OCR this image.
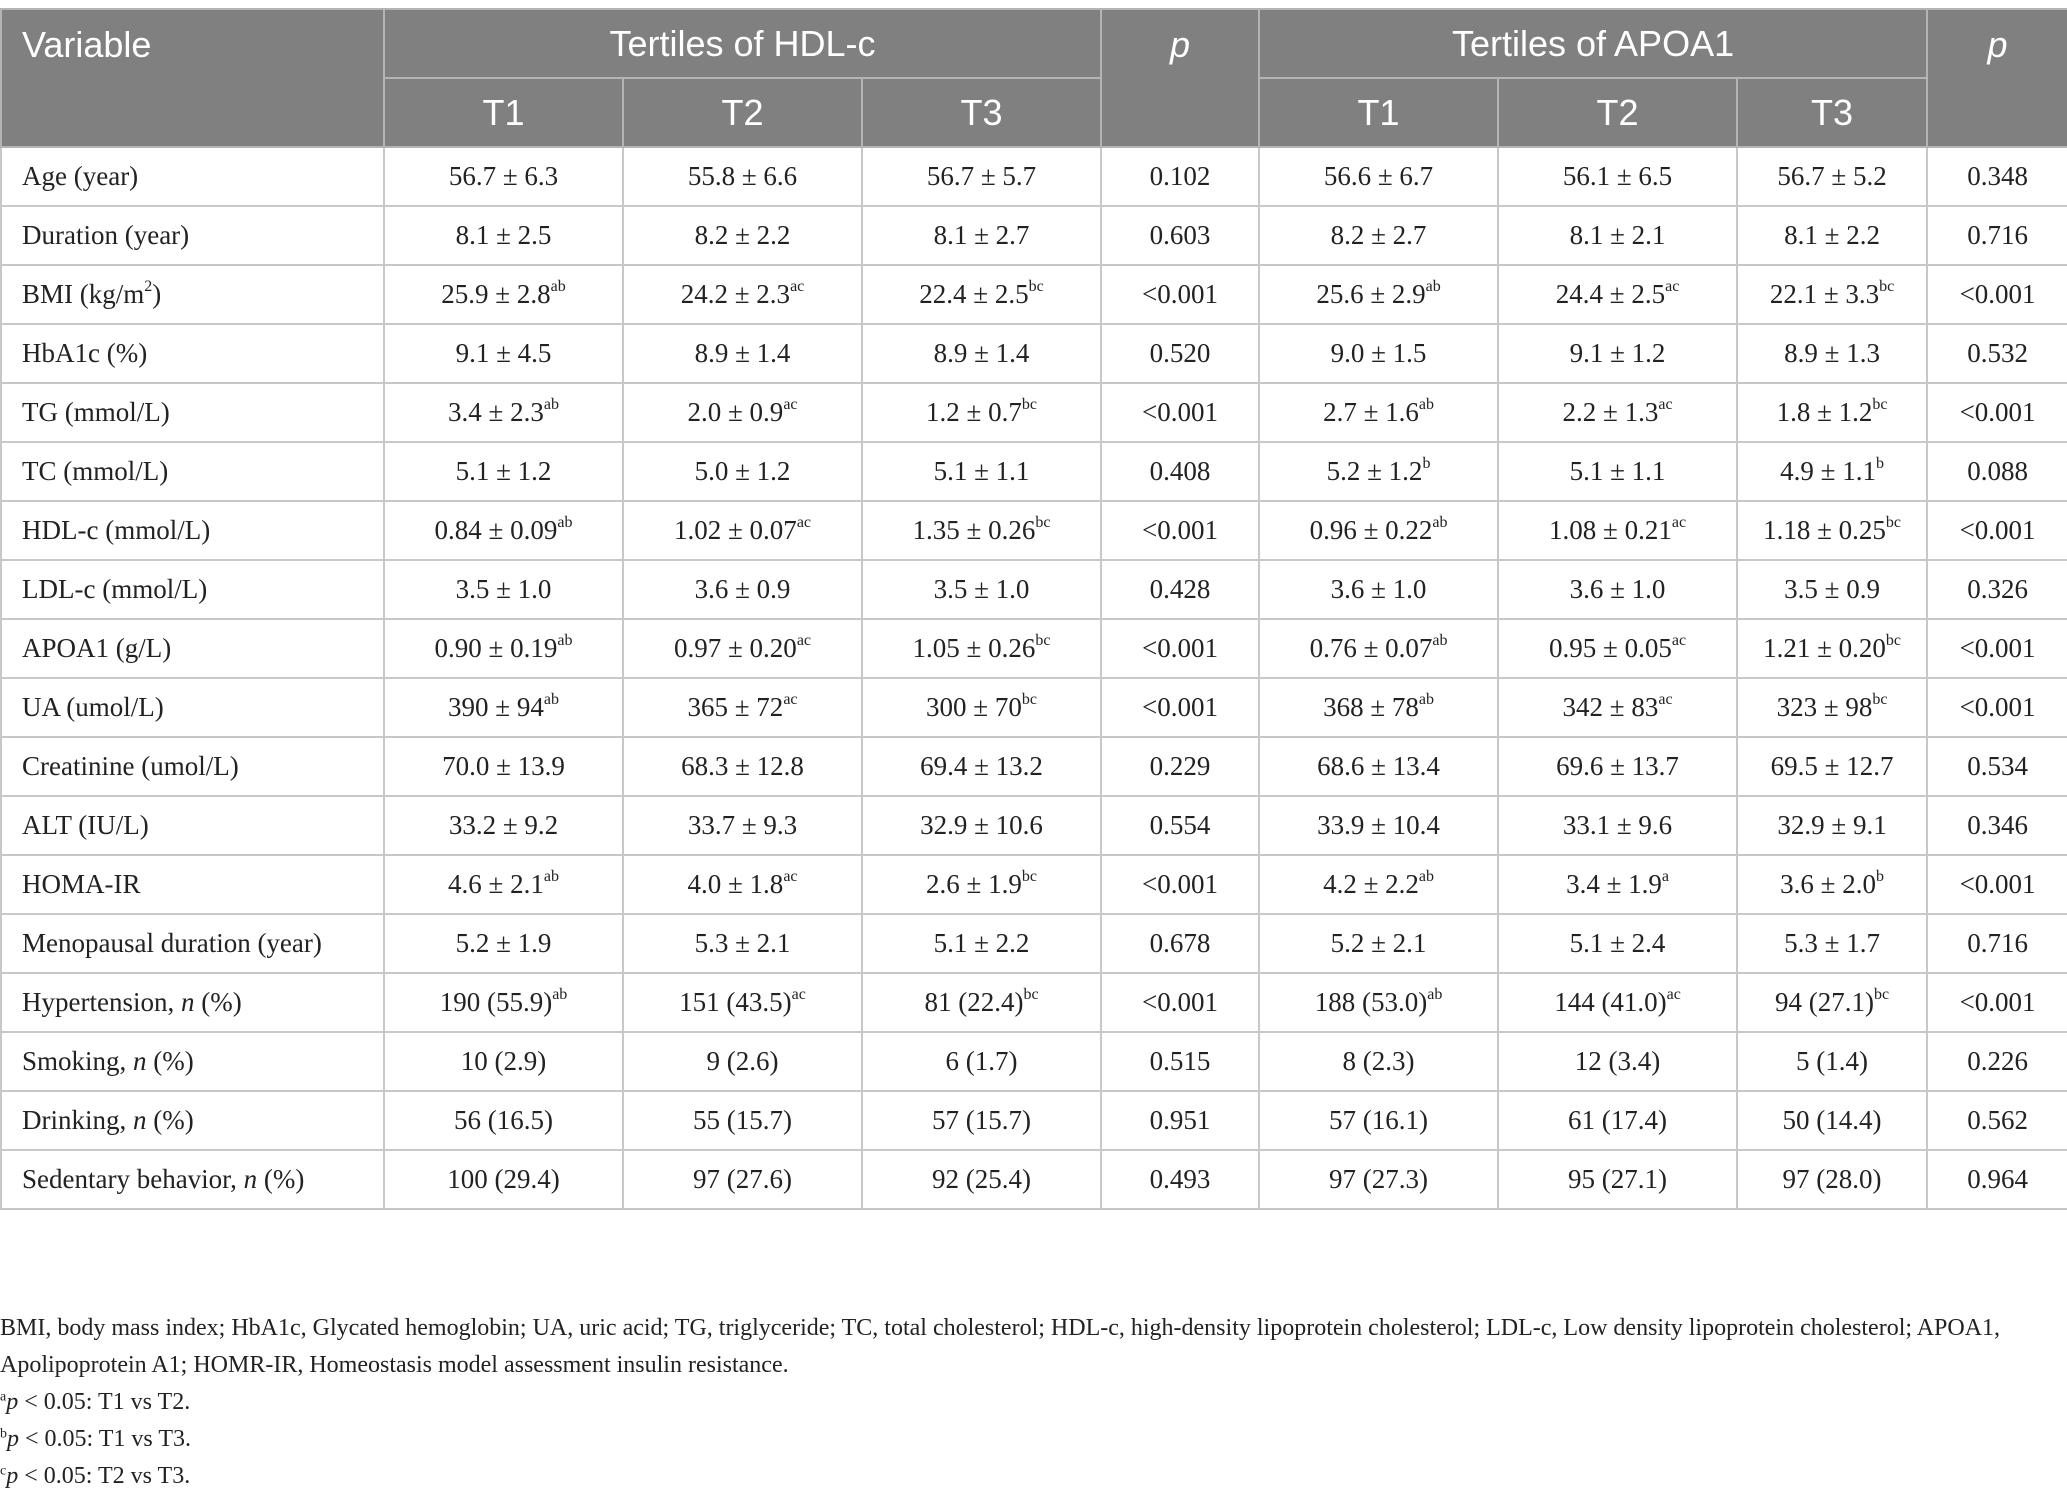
Variable	Tertiles of HDL-c			p	Tertiles of APOA1			p
	T1	T2	T3		T1	T2	T3	
Age (year)	56.7 ± 6.3	55.8 ± 6.6	56.7 ± 5.7	0.102	56.6 ± 6.7	56.1 ± 6.5	56.7 ± 5.2	0.348
Duration (year)	8.1 ± 2.5	8.2 ± 2.2	8.1 ± 2.7	0.603	8.2 ± 2.7	8.1 ± 2.1	8.1 ± 2.2	0.716
BMI $(kg/m^2)$	25.9 ± 2.8$^{ab}$	24.2 ± 2.3$^{ac}$	22.4 ± 2.5$^{bc}$	<0.001	25.6 ± 2.9$^{ab}$	24.4 ± 2.5$^{ac}$	22.1 ± 3.3$^{bc}$	<0.001
HbA1c (%)	9.1 ± 4.5	8.9 ± 1.4	8.9 ± 1.4	0.520	9.0 ± 1.5	9.1 ± 1.2	8.9 ± 1.3	0.532
TG (mmol/L)	3.4 ± 2.3$^{ab}$	2.0 ± 0.9$^{ac}$	1.2 ± 0.7$^{bc}$	<0.001	2.7 ± 1.6$^{ab}$	2.2 ± 1.3$^{ac}$	1.8 ± 1.2$^{bc}$	<0.001
TC (mmol/L)	5.1 ± 1.2	5.0 ± 1.2	5.1 ± 1.1	0.408	5.2 ± 1.2$^b$	5.1 ± 1.1	4.9 ± 1.1$^b$	0.088
HDL-c (mmol/L)	0.84 ± 0.09$^{ab}$	1.02 ± 0.07$^{ac}$	1.35 ± 0.26$^{bc}$	<0.001	0.96 ± 0.22$^{ab}$	1.08 ± 0.21$^{ac}$	1.18 ± 0.25$^{bc}$	<0.001
LDL-c (mmol/L)	3.5 ± 1.0	3.6 ± 0.9	3.5 ± 1.0	0.428	3.6 ± 1.0	3.6 ± 1.0	3.5 ± 0.9	0.326
APOA1 (g/L)	0.90 ± 0.19$^{ab}$	0.97 ± 0.20$^{ac}$	1.05 ± 0.26$^{bc}$	<0.001	0.76 ± 0.07$^{ab}$	0.95 ± 0.05$^{ac}$	1.21 ± 0.20$^{bc}$	<0.001
UA (umol/L)	$390 \pm 94^{ab}$	$365 \pm 72^{ac}$	$300 \pm 70^{bc}$	<0.001	$368 \pm 78^{ab}$	$342 \pm 83^{ac}$	$323 \pm 98^{bc}$	<0.001
Creatinine (umol/L)	70.0 ± 13.9	68.3 ± 12.8	69.4 ± 13.2	0.229	68.6 ± 13.4	69.6 ± 13.7	69.5 ± 12.7	0.534
ALT (IU/L)	33.2 ± 9.2	33.7 ± 9.3	32.9 ± 10.6	0.554	33.9 ± 10.4	33.1 ± 9.6	32.9 ± 9.1	0.346
HOMA-IR	4.6 ± 2.1$^{ab}$	4.0 ± 1.8$^{ac}$	2.6 ± 1.9$^{bc}$	<0.001	4.2 ± 2.2$^{ab}$	3.4 ± 1.9$^a$	3.6 ± 2.0$^b$	<0.001
Menopausal duration (year)	5.2 ± 1.9	5.3 ± 2.1	5.1 ± 2.2	0.678	5.2 ± 2.1	5.1 ± 2.4	5.3 ± 1.7	0.716
Hypertension, n (%)	190 $(55.9)^{ab}$	151 $(43.5)^{ac}$	81 $(22.4)^{bc}$	<0.001	188 $(53.0)^{ab}$	144 $(41.0)^{ac}$	94 $(27.1)^{bc}$	<0.001
Smoking, n (%)	10 (2.9)	9 (2.6)	6 (1.7)	0.515	8 (2.3)	12 (3.4)	5 (1.4)	0.226
Drinking, n (%)	56 (16.5)	55 (15.7)	57 (15.7)	0.951	57 (16.1)	61 (17.4)	50 (14.4)	0.562
Sedentary behavior, n (%)	100 (29.4)	97 (27.6)	92 (25.4)	0.493	97 (27.3)	95 (27.1)	97 (28.0)	0.964

BMI, body mass index; HbA1c, Glycated hemoglobin; UA, uric acid; TG, triglyceride; TC, total cholesterol; HDL-c, high-density lipoprotein cholesterol; LDL-c, Low density lipoprotein cholesterol; APOA1, Apolipoprotein A1; HOMR-IR, Homeostasis model assessment insulin resistance.

$^a$p < 0.05: T1 vs T2.

$^b$p < 0.05: T1 vs T3.

$^c$p < 0.05: T2 vs T3.
